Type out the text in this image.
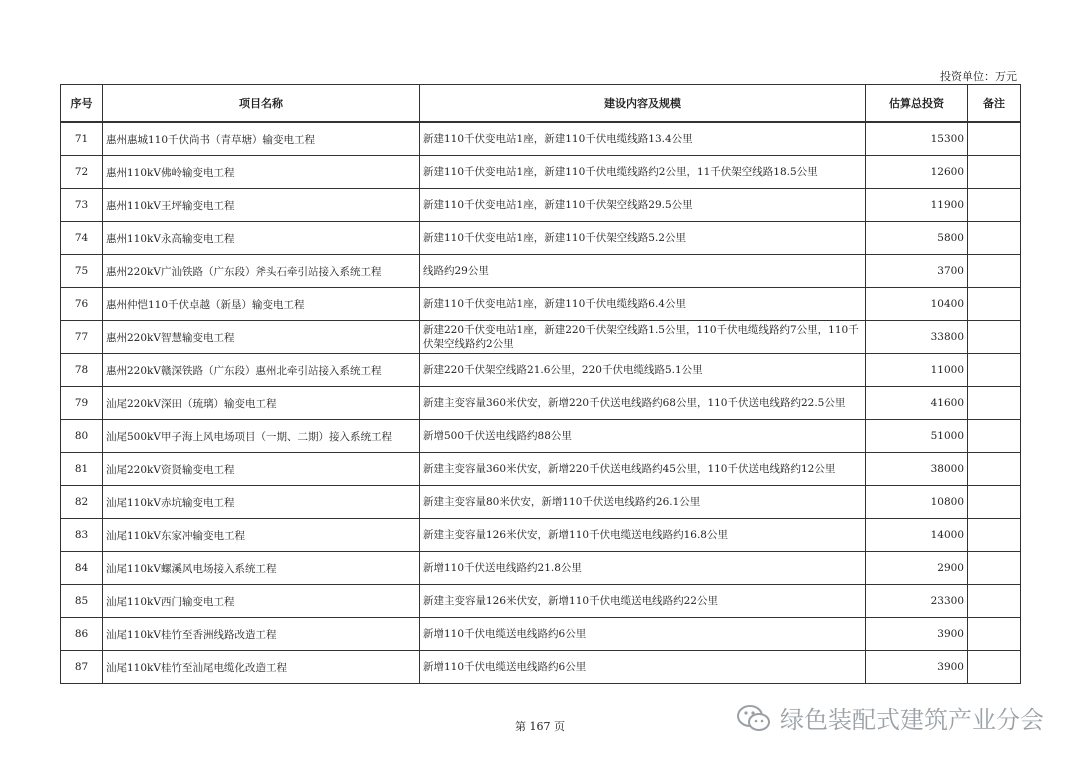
投资单位：万元
序号	项目名称	建设内容及规模	估算总投资	备注
71	惠州惠城110千伏尚书（青草塘）输变电工程	新建110千伏变电站1座，新建110千伏电缆线路13.4公里	15300	
72	惠州110kV佛岭输变电工程	新建110千伏变电站1座，新建110千伏电缆线路约2公里，11千伏架空线路18.5公里	12600	
73	惠州110kV王坪输变电工程	新建110千伏变电站1座，新建110千伏架空线路29.5公里	11900	
74	惠州110kV永高输变电工程	新建110千伏变电站1座，新建110千伏架空线路5.2公里	5800	
75	惠州220kV广汕铁路（广东段）斧头石牵引站接入系统工程	线路约29公里	3700	
76	惠州仲恺110千伏卓越（新垦）输变电工程	新建110千伏变电站1座，新建110千伏电缆线路6.4公里	10400	
77	惠州220kV智慧输变电工程	新建220千伏变电站1座，新建220千伏架空线路1.5公里，110千伏电缆线路约7公里，110千伏架空线路约2公里	33800	
78	惠州220kV赣深铁路（广东段）惠州北牵引站接入系统工程	新建220千伏架空线路21.6公里，220千伏电缆线路5.1公里	11000	
79	汕尾220kV深田（琉璃）输变电工程	新建主变容量360米伏安，新增220千伏送电线路约68公里，110千伏送电线路约22.5公里	41600	
80	汕尾500kV甲子海上风电场项目（一期、二期）接入系统工程	新增500千伏送电线路约88公里	51000	
81	汕尾220kV资贤输变电工程	新建主变容量360米伏安，新增220千伏送电线路约45公里，110千伏送电线路约12公里	38000	
82	汕尾110kV赤坑输变电工程	新建主变容量80米伏安，新增110千伏送电线路约26.1公里	10800	
83	汕尾110kV东家冲输变电工程	新建主变容量126米伏安，新增110千伏电缆送电线路约16.8公里	14000	
84	汕尾110kV螺溪风电场接入系统工程	新增110千伏送电线路约21.8公里	2900	
85	汕尾110kV西门输变电工程	新建主变容量126米伏安，新增110千伏电缆送电线路约22公里	23300	
86	汕尾110kV桂竹至香洲线路改造工程	新增110千伏电缆送电线路约6公里	3900	
87	汕尾110kV桂竹至汕尾电缆化改造工程	新增110千伏电缆送电线路约6公里	3900	
第 167 页	绿色装配式建筑产业分会
